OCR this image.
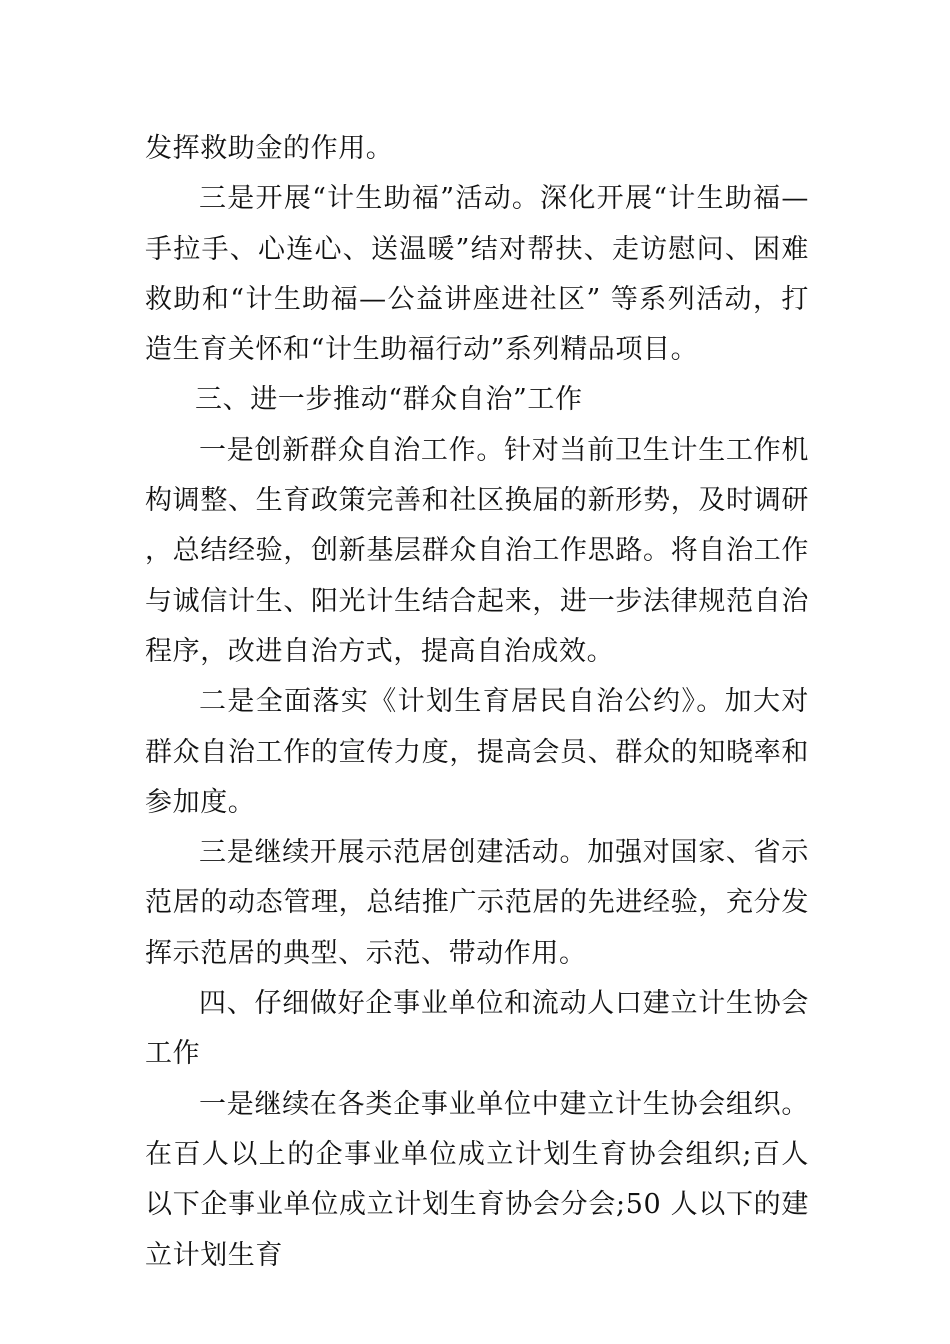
发挥救助金的作用。

三是开展“计生助福”活动。深化开展“计生助福—手拉手、心连心、送温暖”结对帮扶、走访慰问、困难救助和“计生助福—公益讲座进社区” 等系列活动，打造生育关怀和“计生助福行动”系列精品项目。

三、进一步推动“群众自治”工作

一是创新群众自治工作。针对当前卫生计生工作机构调整、生育政策完善和社区换届的新形势，及时调研，总结经验，创新基层群众自治工作思路。将自治工作与诚信计生、阳光计生结合起来，进一步法律规范自治程序，改进自治方式，提高自治成效。

二是全面落实《计划生育居民自治公约》。加大对群众自治工作的宣传力度，提高会员、群众的知晓率和参加度。

三是继续开展示范居创建活动。加强对国家、省示范居的动态管理，总结推广示范居的先进经验，充分发挥示范居的典型、示范、带动作用。

四、仔细做好企事业单位和流动人口建立计生协会工作

一是继续在各类企事业单位中建立计生协会组织。在百人以上的企事业单位成立计划生育协会组织;百人以下企事业单位成立计划生育协会分会;50 人以下的建立计划生育
